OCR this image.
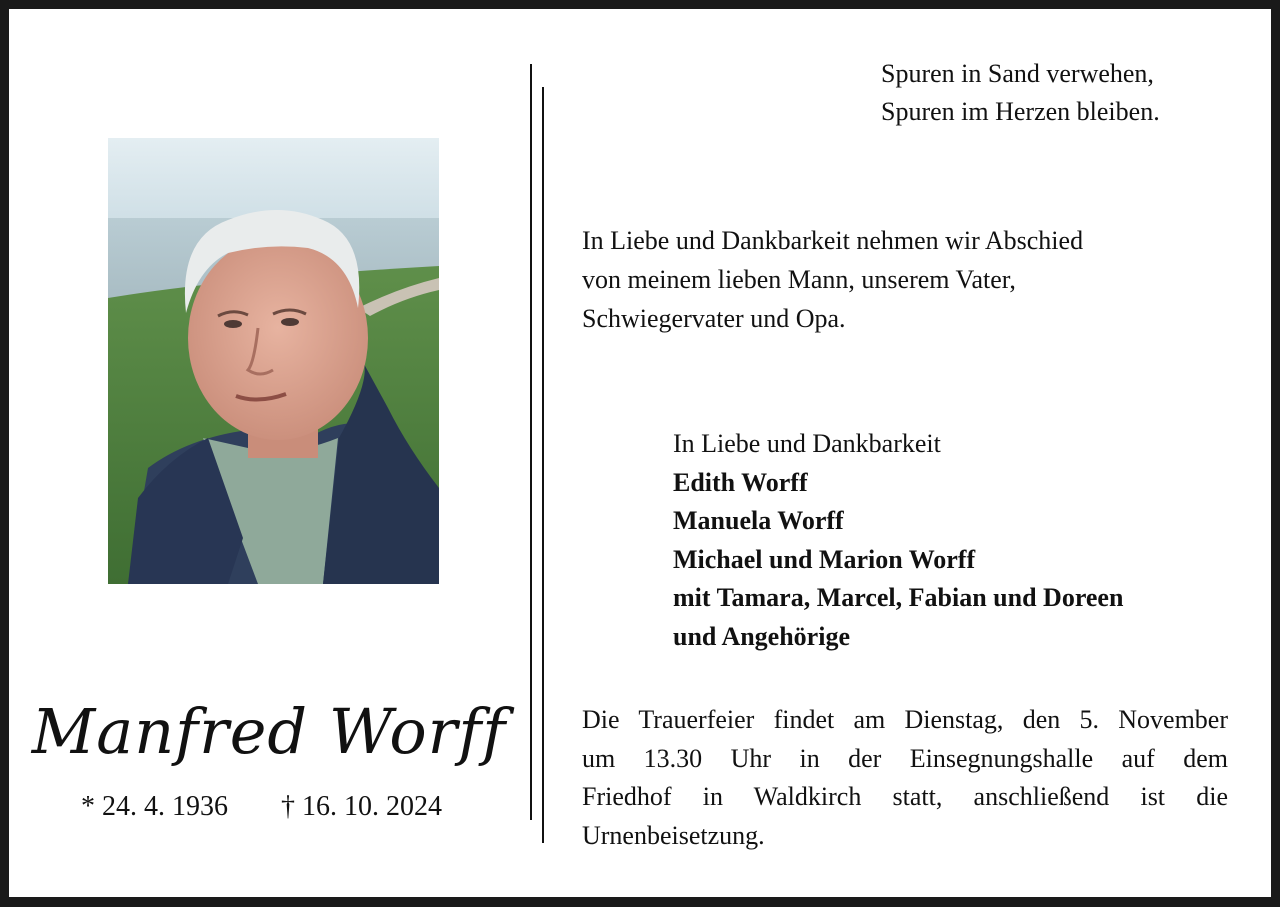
Manfred Worff
* 24. 4. 1936 † 16. 10. 2024
Spuren in Sand verwehen,
Spuren im Herzen bleiben.
In Liebe und Dankbarkeit nehmen wir Abschied
von meinem lieben Mann, unserem Vater,
Schwiegervater und Opa.
In Liebe und Dankbarkeit
Edith Worff
Manuela Worff
Michael und Marion Worff
mit Tamara, Marcel, Fabian und Doreen
und Angehörige
Die Trauerfeier findet am Dienstag, den 5. November
um 13.30 Uhr in der Einsegnungshalle auf dem
Friedhof in Waldkirch statt, anschließend ist die
Urnenbeisetzung.
